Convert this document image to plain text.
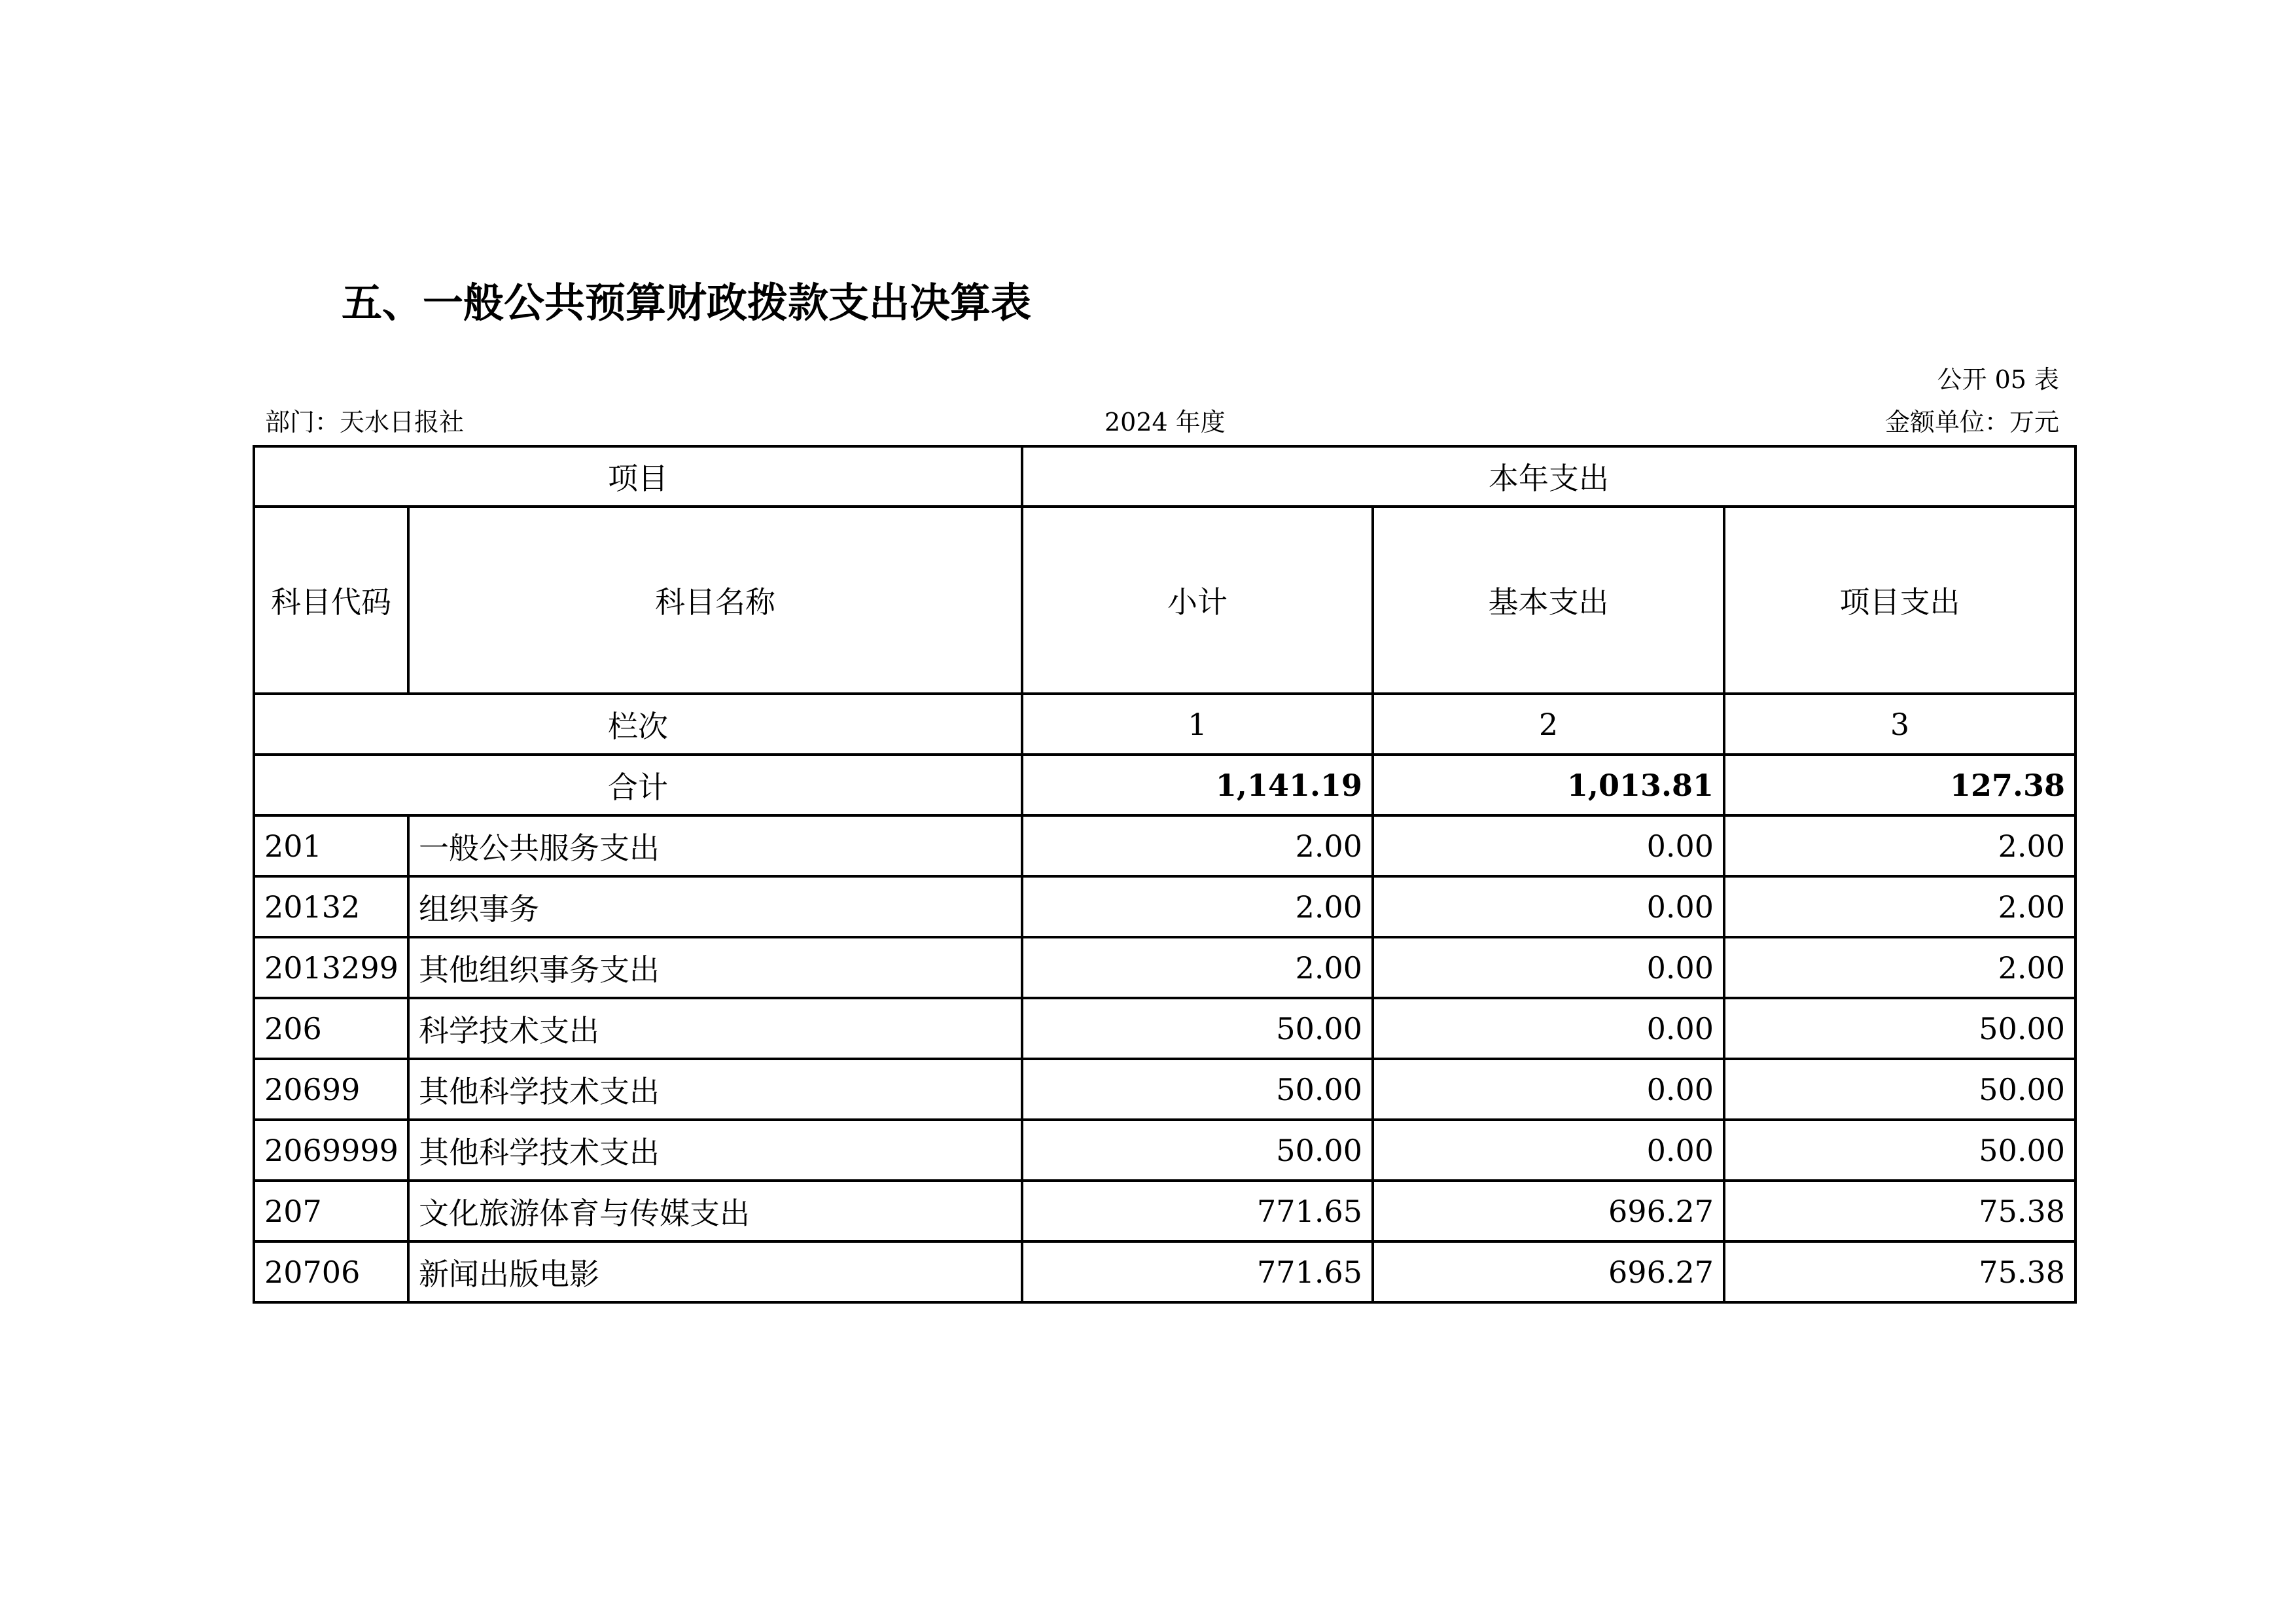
五、一般公共预算财政拨款支出决算表
公开 05 表
部门：天水日报社	2024 年度	金额单位：万元
项目		本年支出		
科目代码	科目名称	小计	基本支出	项目支出
栏次		1	2	3
合计		1,141.19	1,013.81	127.38
201	一般公共服务支出	2.00	0.00	2.00
20132	组织事务	2.00	0.00	2.00
2013299	其他组织事务支出	2.00	0.00	2.00
206	科学技术支出	50.00	0.00	50.00
20699	其他科学技术支出	50.00	0.00	50.00
2069999	其他科学技术支出	50.00	0.00	50.00
207	文化旅游体育与传媒支出	771.65	696.27	75.38
20706	新闻出版电影	771.65	696.27	75.38
